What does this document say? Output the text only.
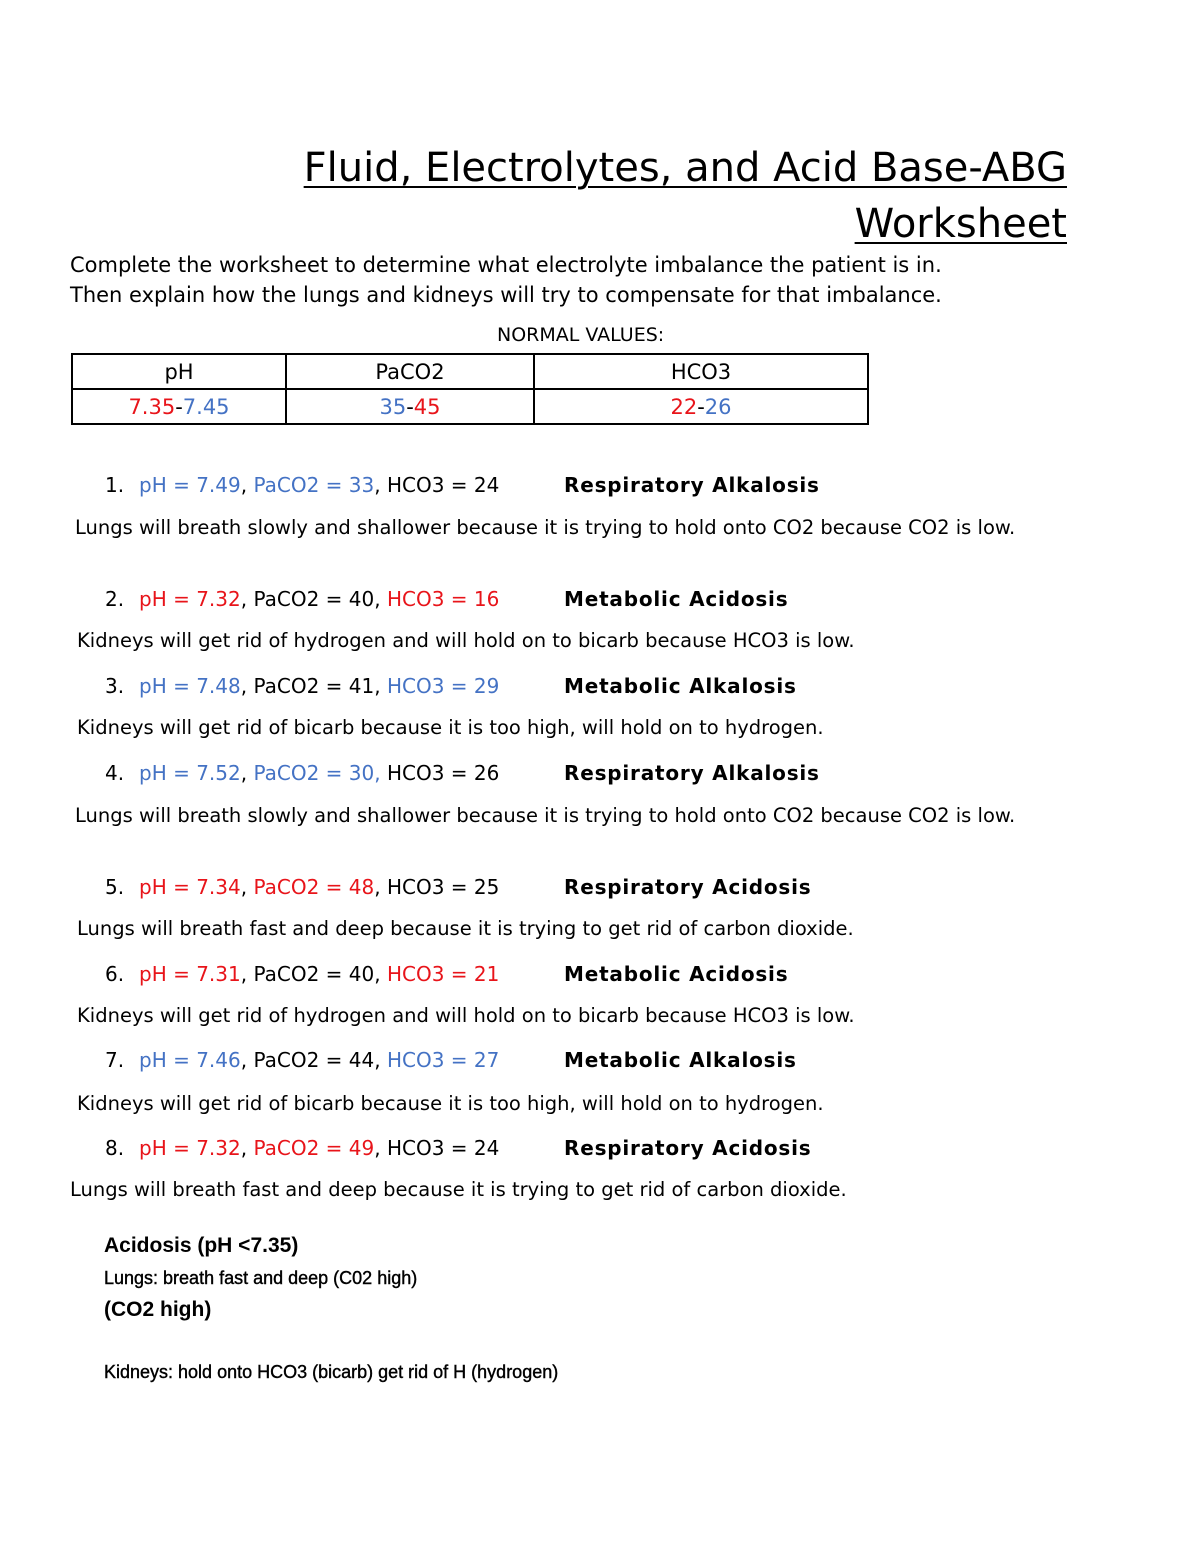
Fluid, Electrolytes, and Acid Base-ABG
Worksheet
Complete the worksheet to determine what electrolyte imbalance the patient is in.
Then explain how the lungs and kidneys will try to compensate for that imbalance.
NORMAL VALUES:
pH	PaCO2	HCO3
7.35-7.45	35-45	22-26
1. pH = 7.49, PaCO2 = 33, HCO3 = 24	Respiratory Alkalosis
Lungs will breath slowly and shallower because it is trying to hold onto CO2 because CO2 is low.
2. pH = 7.32, PaCO2 = 40, HCO3 = 16	Metabolic Acidosis
Kidneys will get rid of hydrogen and will hold on to bicarb because HCO3 is low.
3. pH = 7.48, PaCO2 = 41, HCO3 = 29	Metabolic Alkalosis
Kidneys will get rid of bicarb because it is too high, will hold on to hydrogen.
4. pH = 7.52, PaCO2 = 30, HCO3 = 26	Respiratory Alkalosis
Lungs will breath slowly and shallower because it is trying to hold onto CO2 because CO2 is low.
5. pH = 7.34, PaCO2 = 48, HCO3 = 25	Respiratory Acidosis
Lungs will breath fast and deep because it is trying to get rid of carbon dioxide.
6. pH = 7.31, PaCO2 = 40, HCO3 = 21	Metabolic Acidosis
Kidneys will get rid of hydrogen and will hold on to bicarb because HCO3 is low.
7. pH = 7.46, PaCO2 = 44, HCO3 = 27	Metabolic Alkalosis
Kidneys will get rid of bicarb because it is too high, will hold on to hydrogen.
8. pH = 7.32, PaCO2 = 49, HCO3 = 24	Respiratory Acidosis
Lungs will breath fast and deep because it is trying to get rid of carbon dioxide.
Acidosis (pH <7.35)
Lungs: breath fast and deep (C02 high)
(CO2 high)
Kidneys: hold onto HCO3 (bicarb) get rid of H (hydrogen)
